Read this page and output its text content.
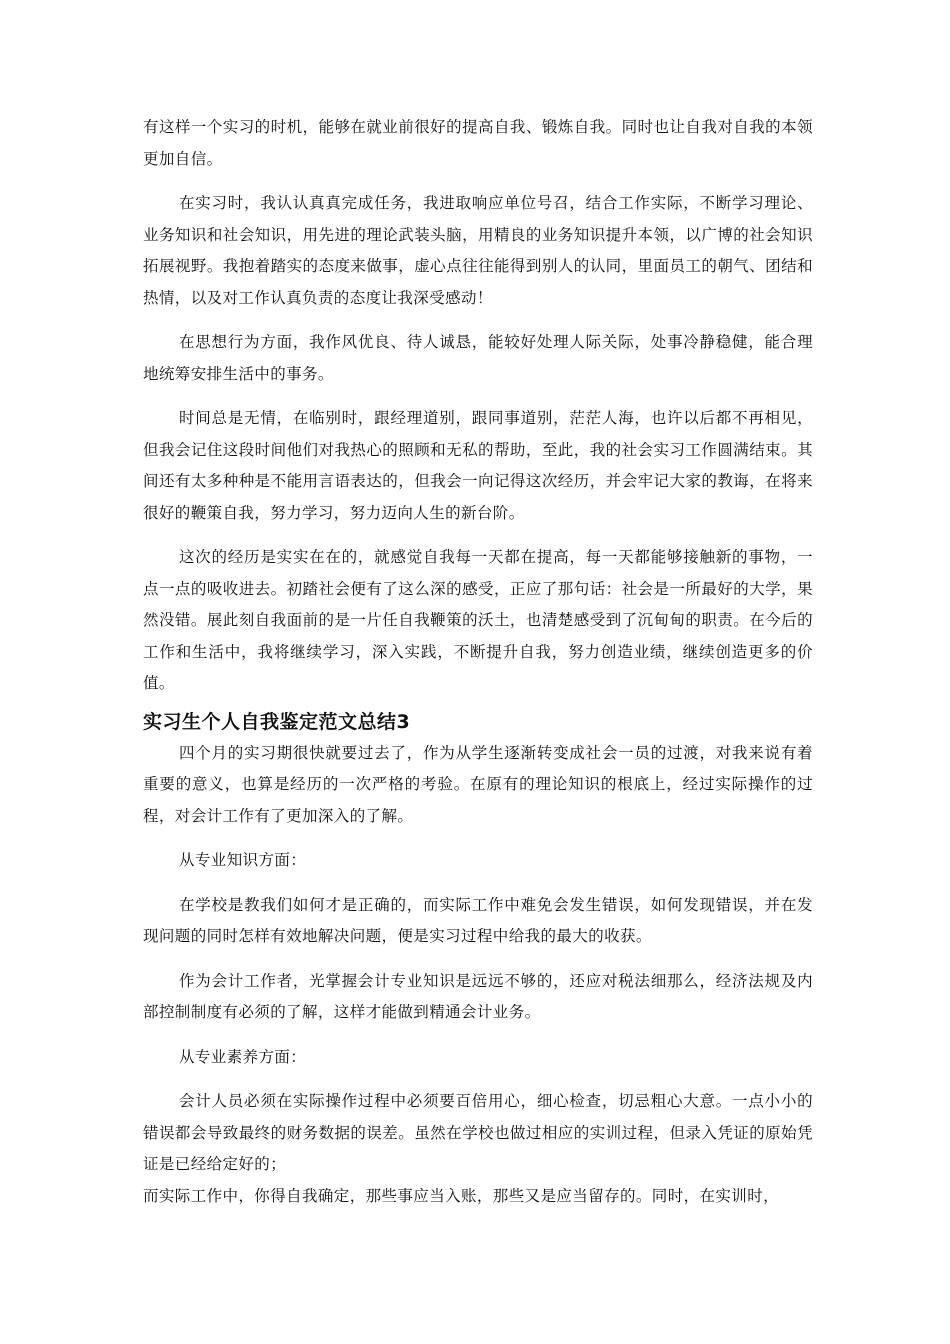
有这样一个实习的时机，能够在就业前很好的提高自我、锻炼自我。同时也让自我对自我的本领更加自信。

在实习时，我认认真真完成任务，我进取响应单位号召，结合工作实际，不断学习理论、业务知识和社会知识，用先进的理论武装头脑，用精良的业务知识提升本领，以广博的社会知识拓展视野。我抱着踏实的态度来做事，虚心点往往能得到别人的认同，里面员工的朝气、团结和热情，以及对工作认真负责的态度让我深受感动！

在思想行为方面，我作风优良、待人诚恳，能较好处理人际关际，处事冷静稳健，能合理地统筹安排生活中的事务。

时间总是无情，在临别时，跟经理道别，跟同事道别，茫茫人海，也许以后都不再相见，但我会记住这段时间他们对我热心的照顾和无私的帮助，至此，我的社会实习工作圆满结束。其间还有太多种种是不能用言语表达的，但我会一向记得这次经历，并会牢记大家的教诲，在将来很好的鞭策自我，努力学习，努力迈向人生的新台阶。

这次的经历是实实在在的，就感觉自我每一天都在提高，每一天都能够接触新的事物，一点一点的吸收进去。初踏社会便有了这么深的感受，正应了那句话：社会是一所最好的大学，果然没错。展此刻自我面前的是一片任自我鞭策的沃土，也清楚感受到了沉甸甸的职责。在今后的工作和生活中，我将继续学习，深入实践，不断提升自我，努力创造业绩，继续创造更多的价值。

实习生个人自我鉴定范文总结3

四个月的实习期很快就要过去了，作为从学生逐渐转变成社会一员的过渡，对我来说有着重要的意义，也算是经历的一次严格的考验。在原有的理论知识的根底上，经过实际操作的过程，对会计工作有了更加深入的了解。

从专业知识方面：

在学校是教我们如何才是正确的，而实际工作中难免会发生错误，如何发现错误，并在发现问题的同时怎样有效地解决问题，便是实习过程中给我的最大的收获。

作为会计工作者，光掌握会计专业知识是远远不够的，还应对税法细那么，经济法规及内部控制制度有必须的了解，这样才能做到精通会计业务。

从专业素养方面：

会计人员必须在实际操作过程中必须要百倍用心，细心检查，切忌粗心大意。一点小小的错误都会导致最终的财务数据的误差。虽然在学校也做过相应的实训过程，但录入凭证的原始凭证是已经给定好的；

而实际工作中，你得自我确定，那些事应当入账，那些又是应当留存的。同时，在实训时，
